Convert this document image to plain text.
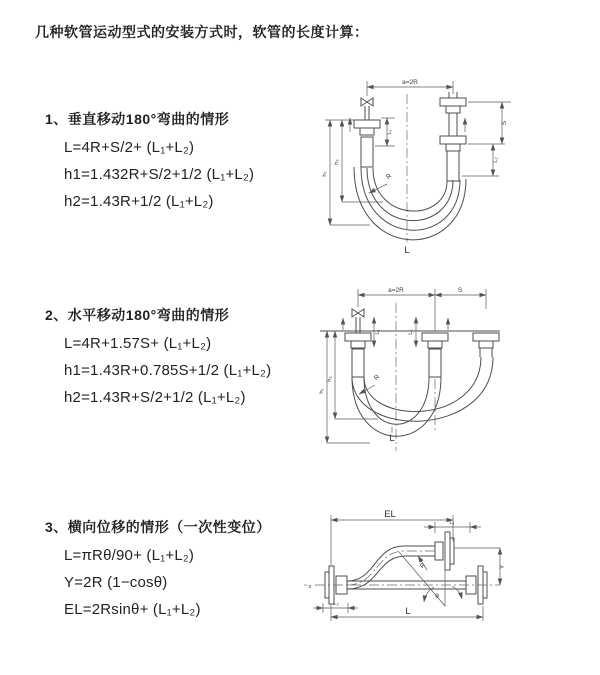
几种软管运动型式的安装方式时，软管的长度计算：
1、垂直移动180°弯曲的情形

L=4R+S/2+ (L₁+L₂)

h1=1.432R+S/2+1/2 (L₁+L₂)

h2=1.43R+1/2 (L₁+L₂)

2、水平移动180°弯曲的情形

L=4R+1.57S+ (L₁+L₂)

h1=1.43R+0.785S+1/2 (L₁+L₂)

h2=1.43R+S/2+1/2 (L₁+L₂)

3、横向位移的情形（一次性变位）

L=πRθ/90+ (L₁+L₂)

Y=2R (1−cosθ)

EL=2Rsinθ+ (L₁+L₂)

a=2R
L₁
S
L₂
h₁
h₂
R
L
a=2R	S
L₁	L₂
h₁
h₂	R
L
EL
L₁
Y
x
R
θ
L₂
L
